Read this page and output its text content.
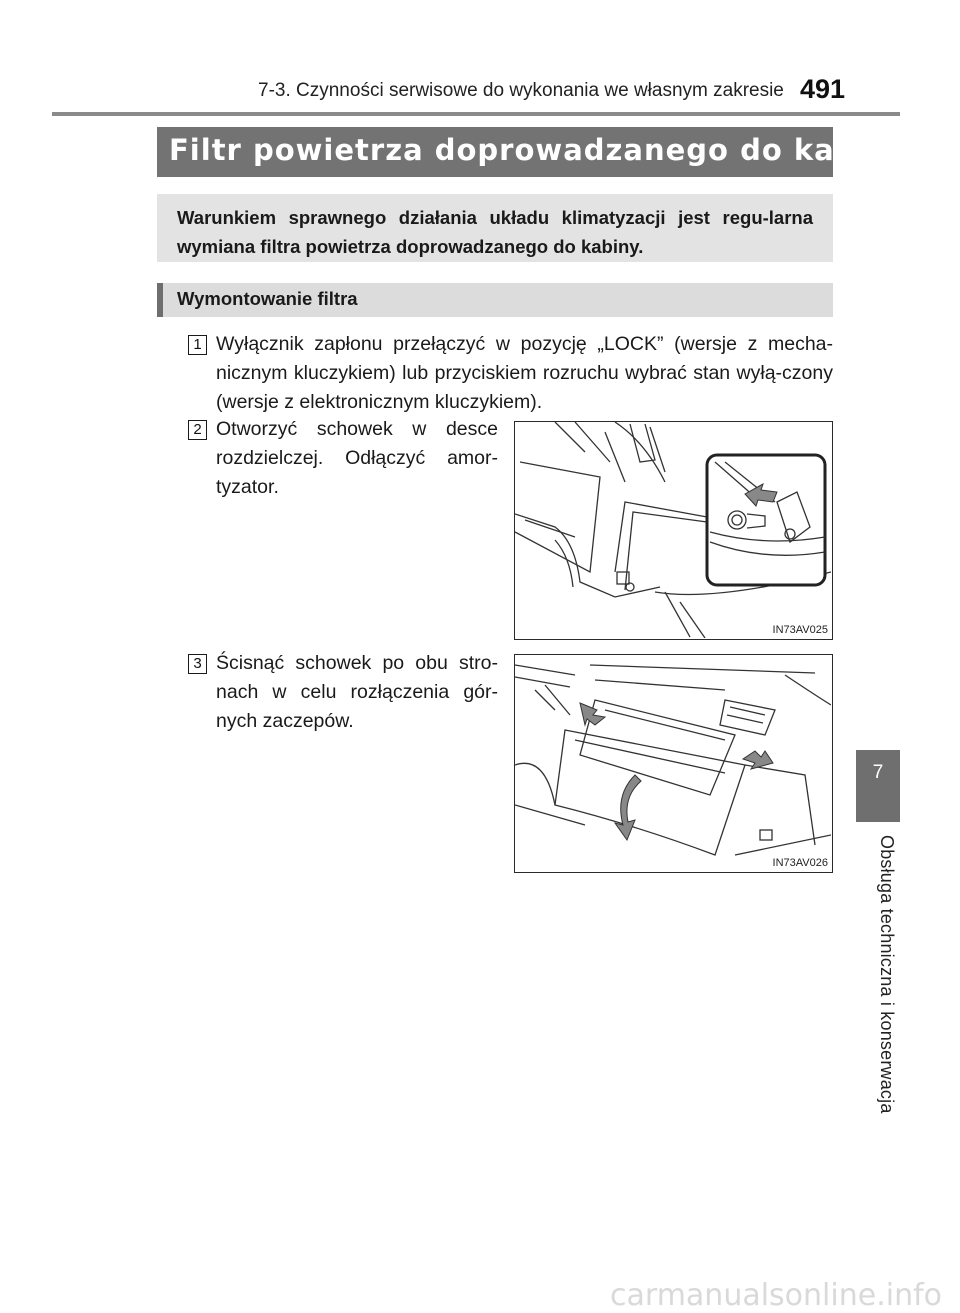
7-3. Czynności serwisowe do wykonania we własnym zakresie 491
7
Obsługa techniczna i konserwacja
Filtr powietrza doprowadzanego do kabiny
Warunkiem sprawnego działania układu klimatyzacji jest regu-larna wymiana filtra powietrza doprowadzanego do kabiny.
Wymontowanie filtra
1 Wyłącznik zapłonu przełączyć w pozycję „LOCK” (wersje z mecha-nicznym kluczykiem) lub przyciskiem rozruchu wybrać stan wyłą-czony (wersje z elektronicznym kluczykiem).
2 Otworzyć schowek w desce rozdzielczej. Odłączyć amor-tyzator.
IN73AV025
3 Ścisnąć schowek po obu stro-nach w celu rozłączenia gór-nych zaczepów.
IN73AV026
carmanualsonline.info
